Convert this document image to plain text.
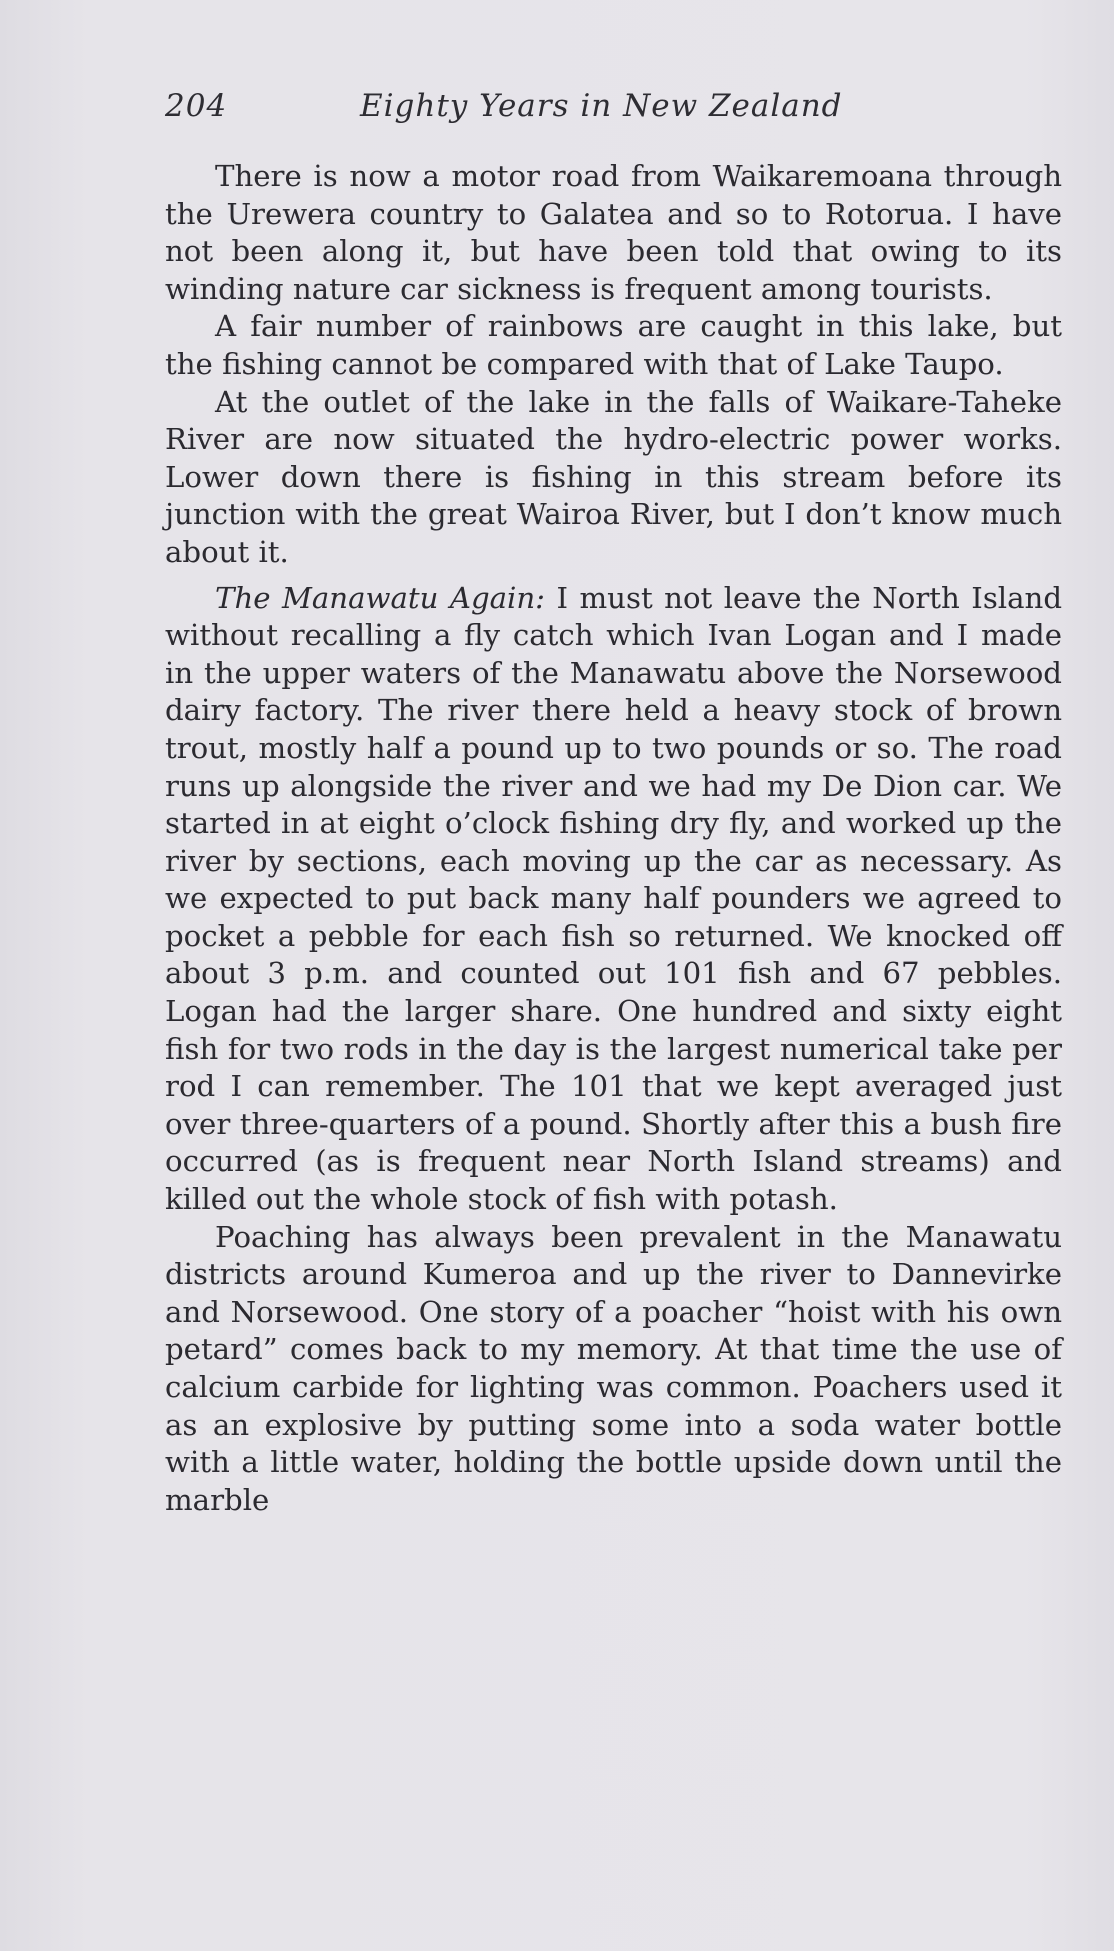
204	Eighty Years in New Zealand

There is now a motor road from Waikaremoana through the Urewera country to Galatea and so to Rotorua. I have not been along it, but have been told that owing to its winding nature car sickness is frequent among tourists.

A fair number of rainbows are caught in this lake, but the fishing cannot be compared with that of Lake Taupo.

At the outlet of the lake in the falls of Waikare-Taheke River are now situated the hydro-electric power works. Lower down there is fishing in this stream before its junction with the great Wairoa River, but I don’t know much about it.

The Manawatu Again: I must not leave the North Island without recalling a fly catch which Ivan Logan and I made in the upper waters of the Manawatu above the Norsewood dairy factory. The river there held a heavy stock of brown trout, mostly half a pound up to two pounds or so. The road runs up alongside the river and we had my De Dion car. We started in at eight o’clock fishing dry fly, and worked up the river by sections, each moving up the car as necessary. As we expected to put back many half pounders we agreed to pocket a pebble for each fish so returned. We knocked off about 3 p.m. and counted out 101 fish and 67 pebbles. Logan had the larger share. One hundred and sixty eight fish for two rods in the day is the largest numerical take per rod I can remember. The 101 that we kept averaged just over three-quarters of a pound. Shortly after this a bush fire occurred (as is frequent near North Island streams) and killed out the whole stock of fish with potash.

Poaching has always been prevalent in the Manawatu districts around Kumeroa and up the river to Dannevirke and Norsewood. One story of a poacher “hoist with his own petard” comes back to my memory. At that time the use of calcium carbide for lighting was common. Poachers used it as an explosive by putting some into a soda water bottle with a little water, holding the bottle upside down until the marble
